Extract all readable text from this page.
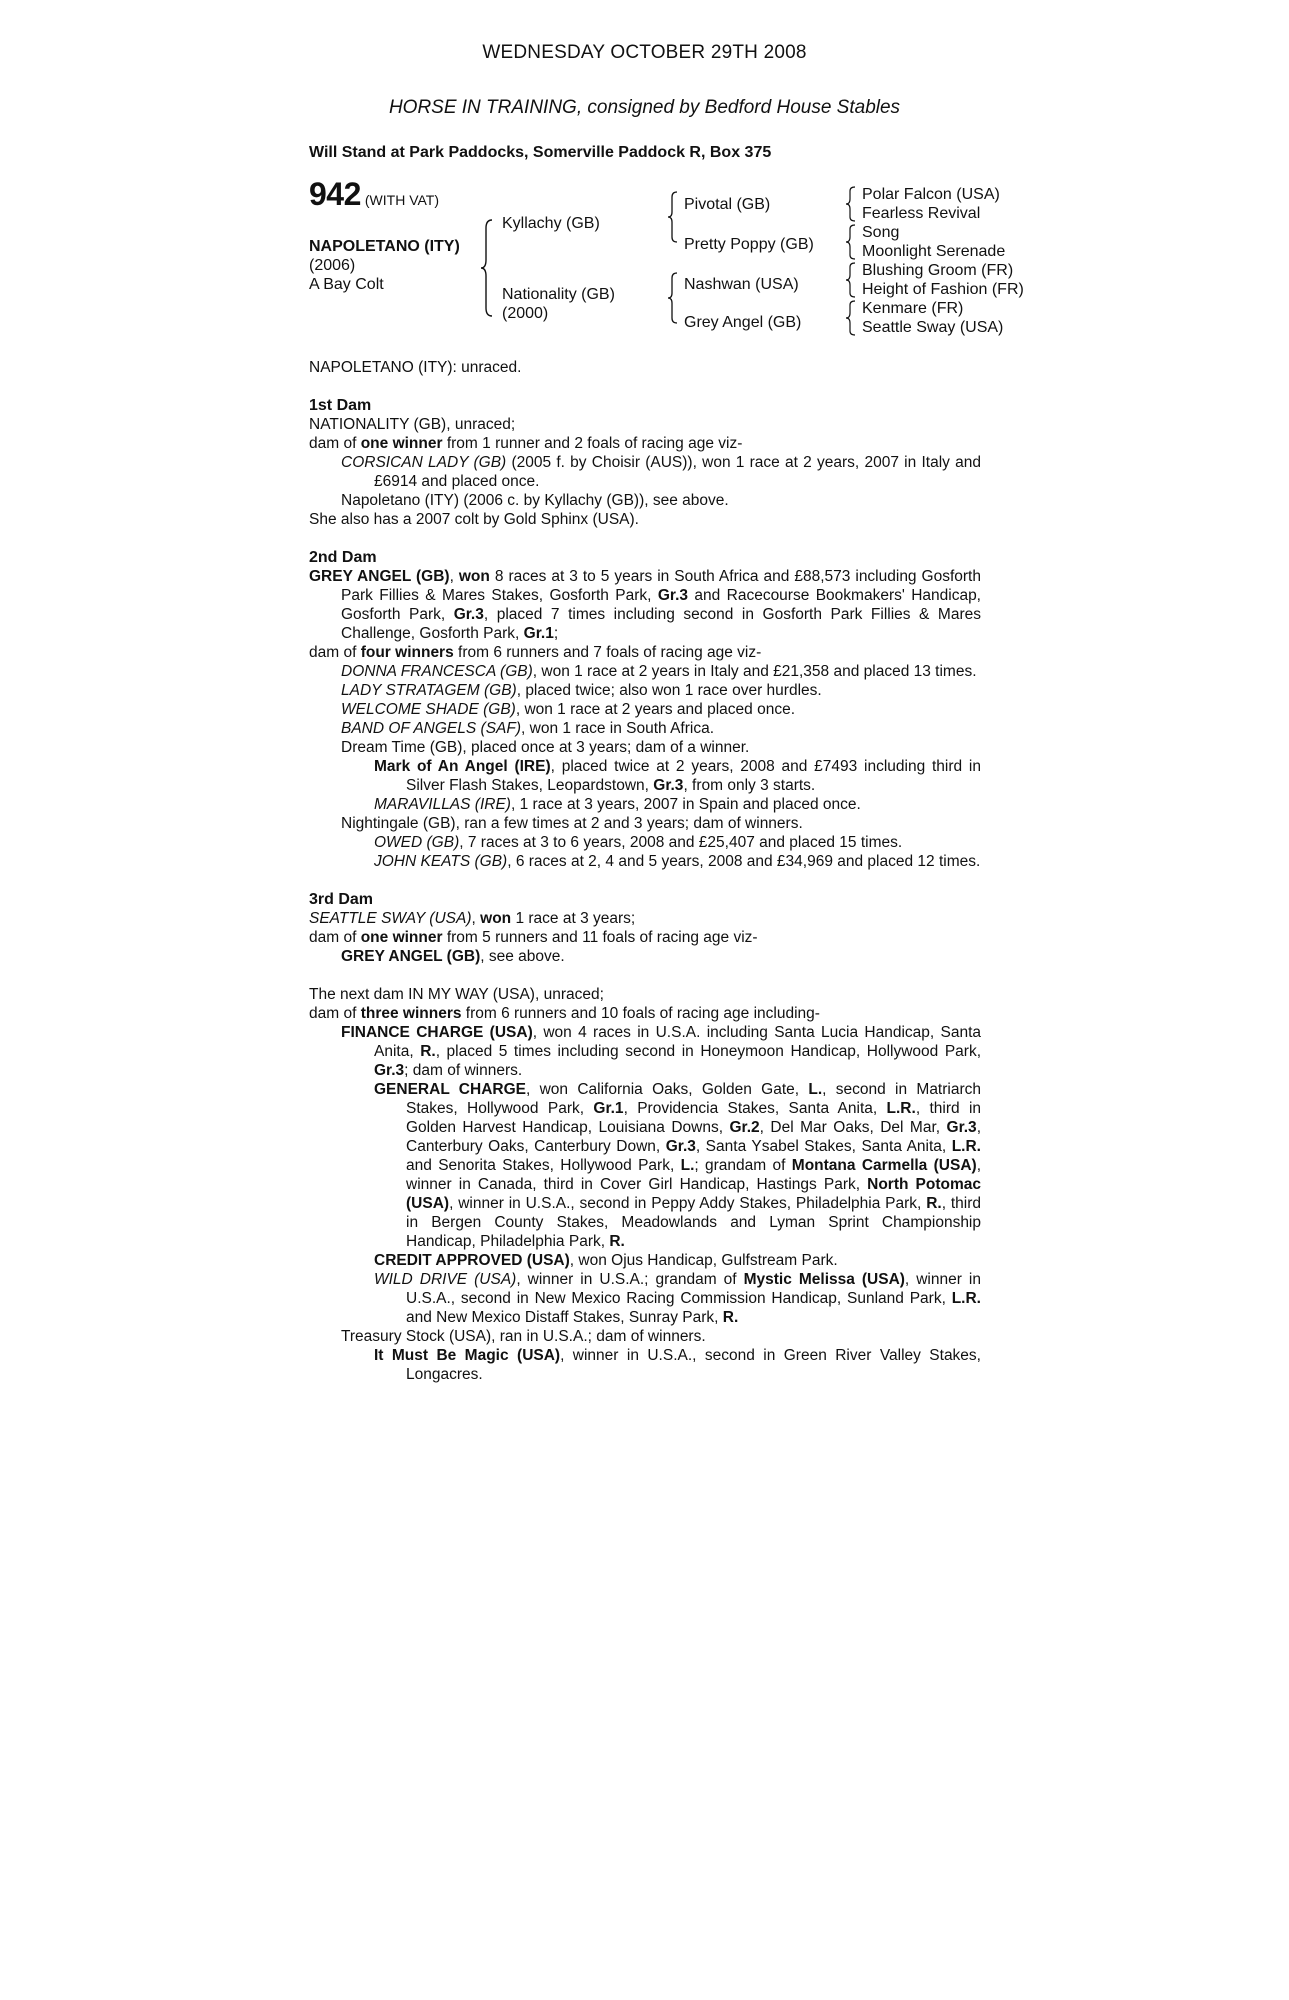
WEDNESDAY OCTOBER 29TH 2008
HORSE IN TRAINING, consigned by Bedford House Stables
Will Stand at Park Paddocks, Somerville Paddock R, Box 375
942 (WITH VAT)
NAPOLETANO (ITY)
(2006)
A Bay Colt
Kyllachy (GB)
Nationality (GB)
(2000)
Pivotal (GB)
Pretty Poppy (GB)
Nashwan (USA)
Grey Angel (GB)
Polar Falcon (USA)
Fearless Revival
Song
Moonlight Serenade
Blushing Groom (FR)
Height of Fashion (FR)
Kenmare (FR)
Seattle Sway (USA)

NAPOLETANO (ITY): unraced.

1st Dam

NATIONALITY (GB), unraced;

dam of one winner from 1 runner and 2 foals of racing age viz-

CORSICAN LADY (GB) (2005 f. by Choisir (AUS)), won 1 race at 2 years, 2007 in Italy and £6914 and placed once.

Napoletano (ITY) (2006 c. by Kyllachy (GB)), see above.

She also has a 2007 colt by Gold Sphinx (USA).

2nd Dam

GREY ANGEL (GB), won 8 races at 3 to 5 years in South Africa and £88,573 including Gosforth Park Fillies & Mares Stakes, Gosforth Park, Gr.3 and Racecourse Bookmakers' Handicap, Gosforth Park, Gr.3, placed 7 times including second in Gosforth Park Fillies & Mares Challenge, Gosforth Park, Gr.1;

dam of four winners from 6 runners and 7 foals of racing age viz-

DONNA FRANCESCA (GB), won 1 race at 2 years in Italy and £21,358 and placed 13 times.

LADY STRATAGEM (GB), placed twice; also won 1 race over hurdles.

WELCOME SHADE (GB), won 1 race at 2 years and placed once.

BAND OF ANGELS (SAF), won 1 race in South Africa.

Dream Time (GB), placed once at 3 years; dam of a winner.

Mark of An Angel (IRE), placed twice at 2 years, 2008 and £7493 including third in Silver Flash Stakes, Leopardstown, Gr.3, from only 3 starts.

MARAVILLAS (IRE), 1 race at 3 years, 2007 in Spain and placed once.

Nightingale (GB), ran a few times at 2 and 3 years; dam of winners.

OWED (GB), 7 races at 3 to 6 years, 2008 and £25,407 and placed 15 times.

JOHN KEATS (GB), 6 races at 2, 4 and 5 years, 2008 and £34,969 and placed 12 times.

3rd Dam

SEATTLE SWAY (USA), won 1 race at 3 years;

dam of one winner from 5 runners and 11 foals of racing age viz-

GREY ANGEL (GB), see above.

The next dam IN MY WAY (USA), unraced;

dam of three winners from 6 runners and 10 foals of racing age including-

FINANCE CHARGE (USA), won 4 races in U.S.A. including Santa Lucia Handicap, Santa Anita, R., placed 5 times including second in Honeymoon Handicap, Hollywood Park, Gr.3; dam of winners.

GENERAL CHARGE, won California Oaks, Golden Gate, L., second in Matriarch Stakes, Hollywood Park, Gr.1, Providencia Stakes, Santa Anita, L.R., third in Golden Harvest Handicap, Louisiana Downs, Gr.2, Del Mar Oaks, Del Mar, Gr.3, Canterbury Oaks, Canterbury Down, Gr.3, Santa Ysabel Stakes, Santa Anita, L.R. and Senorita Stakes, Hollywood Park, L.; grandam of Montana Carmella (USA), winner in Canada, third in Cover Girl Handicap, Hastings Park, North Potomac (USA), winner in U.S.A., second in Peppy Addy Stakes, Philadelphia Park, R., third in Bergen County Stakes, Meadowlands and Lyman Sprint Championship Handicap, Philadelphia Park, R.

CREDIT APPROVED (USA), won Ojus Handicap, Gulfstream Park.

WILD DRIVE (USA), winner in U.S.A.; grandam of Mystic Melissa (USA), winner in U.S.A., second in New Mexico Racing Commission Handicap, Sunland Park, L.R. and New Mexico Distaff Stakes, Sunray Park, R.

Treasury Stock (USA), ran in U.S.A.; dam of winners.

It Must Be Magic (USA), winner in U.S.A., second in Green River Valley Stakes, Longacres.
